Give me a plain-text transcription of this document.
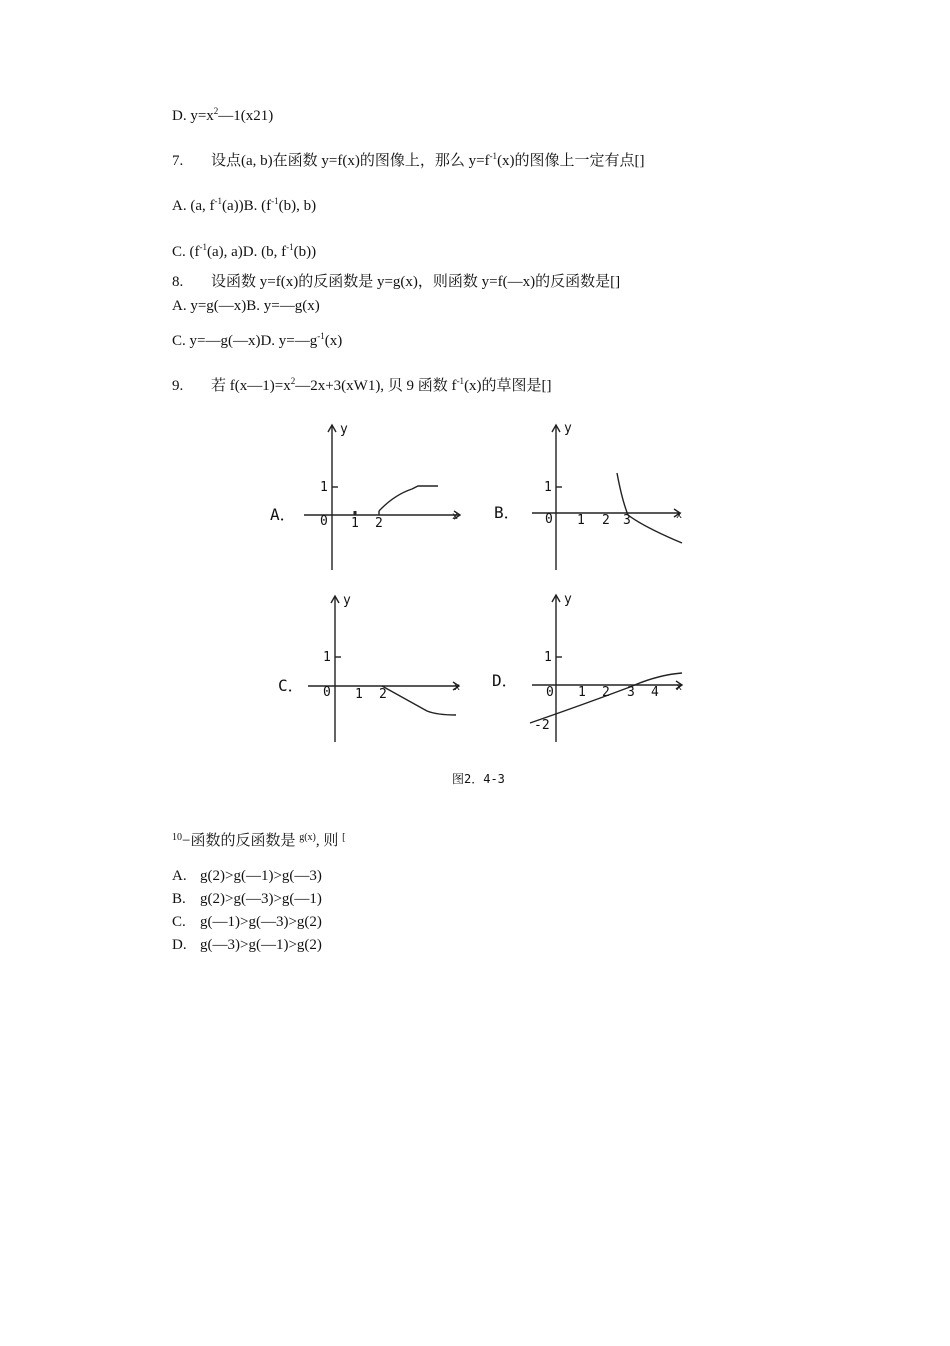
D. $y=x^2—1(x21)$
7. 设点(a, b)在函数 y=f(x)的图像上，那么 $y=f^{-1}(x)$的图像上一定有点[]
A. (a, $f^{-1}(a))B$. ($f^{-1}(b)$, b)
C. ($f^{-1}(a)$, a)D. (b, $f^{-1}(b)$)
8. 设函数 y=f(x)的反函数是 y=g(x)，则函数 y=f(—x)的反函数是[]
A. y=g(—x)B. y=—g(x)
C. y=—g(—x)D. $y=—g^{-1}(x)$
9. 若 $f(x—1)=x^2—2x+3(xW1)$, 贝 9 函数 $f^{-1}(x)$的草图是[]
A．
y
x
1
0 1 2
B．
y
x
1
0 1 2 3
C．
y
x
1
0 1 2
D．
y
x
1
0 1 2 3 4
-2
图2．4-3
$^{10}$−函数的反函数是 $^{g(x)}$, 则 [
A. g(2)>g(—1)>g(—3)
B. g(2)>g(—3)>g(—1)
C. g(—1)>g(—3)>g(2)
D. g(—3)>g(—1)>g(2)
